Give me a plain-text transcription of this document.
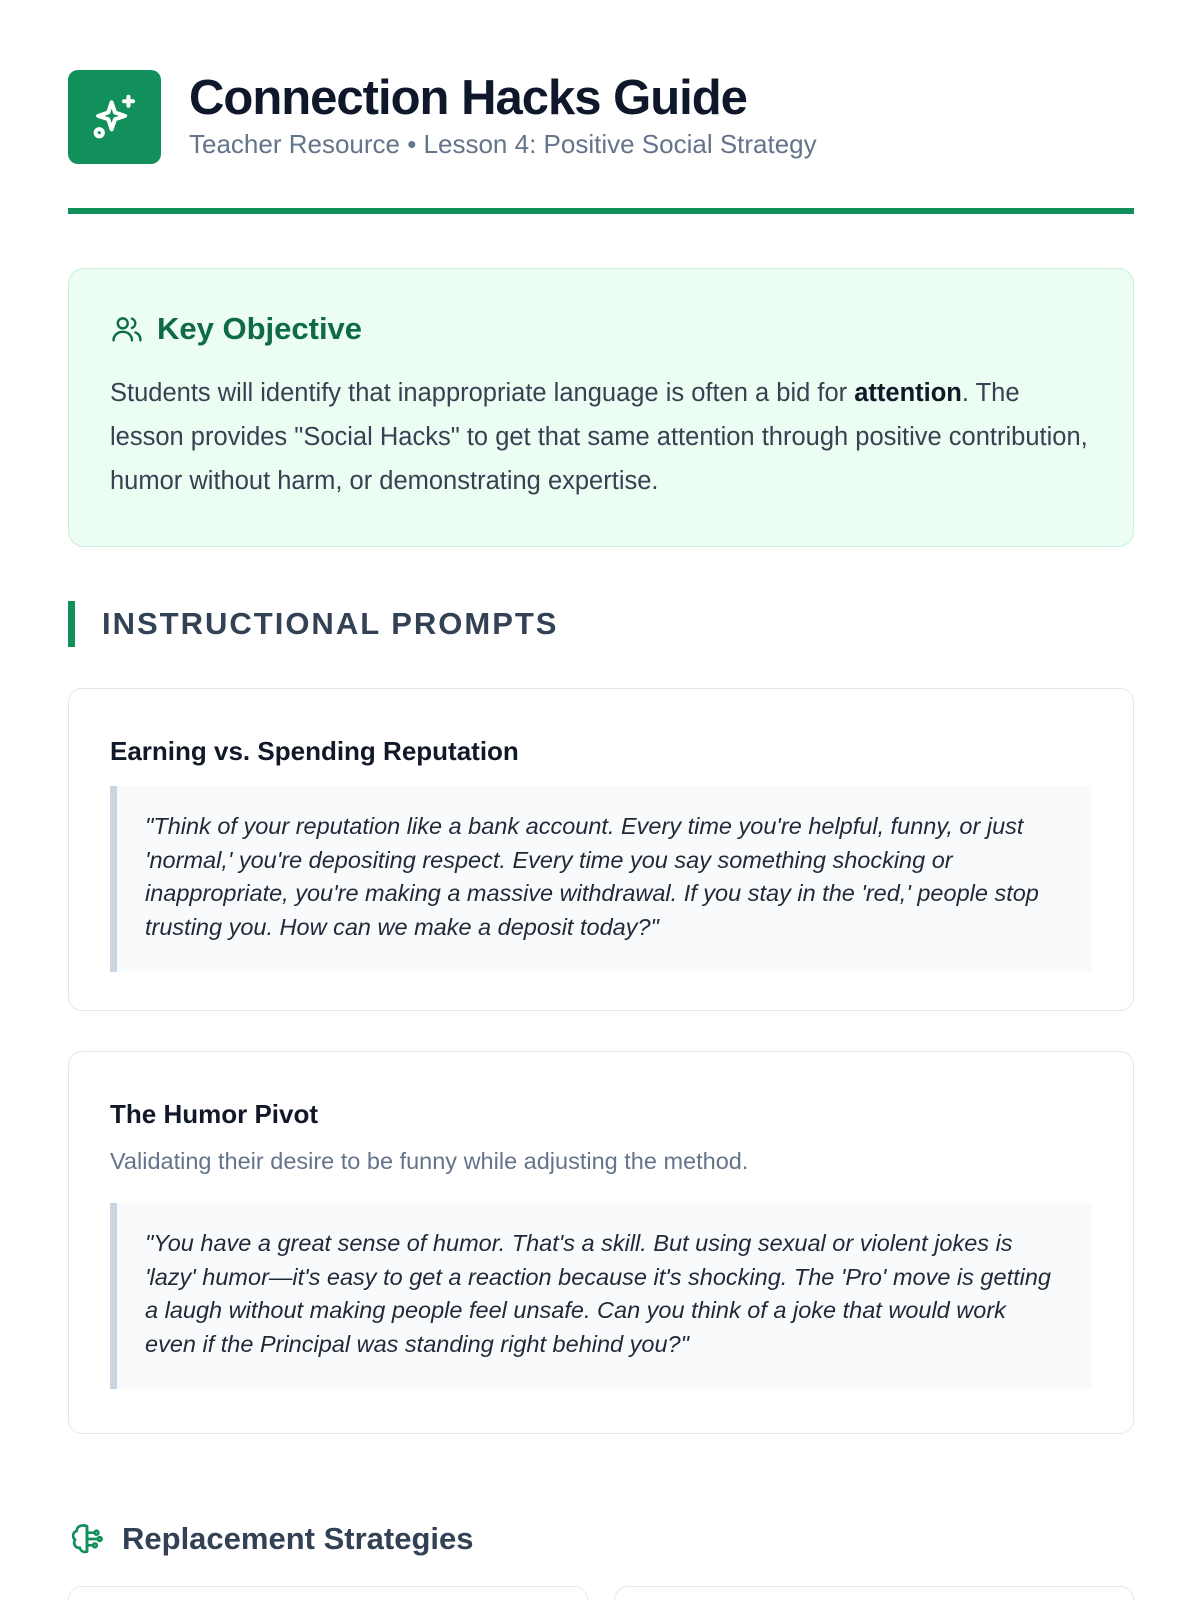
Connection Hacks Guide
Teacher Resource • Lesson 4: Positive Social Strategy
Key Objective

Students will identify that inappropriate language is often a bid for attention. The lesson provides "Social Hacks" to get that same attention through positive contribution, humor without harm, or demonstrating expertise.

INSTRUCTIONAL PROMPTS
Earning vs. Spending Reputation
"Think of your reputation like a bank account. Every time you're helpful, funny, or just 'normal,' you're depositing respect. Every time you say something shocking or inappropriate, you're making a massive withdrawal. If you stay in the 'red,' people stop trusting you. How can we make a deposit today?"
The Humor Pivot
Validating their desire to be funny while adjusting the method.
"You have a great sense of humor. That's a skill. But using sexual or violent jokes is 'lazy' humor—it's easy to get a reaction because it's shocking. The 'Pro' move is getting a laugh without making people feel unsafe. Can you think of a joke that would work even if the Principal was standing right behind you?"
Replacement Strategies
